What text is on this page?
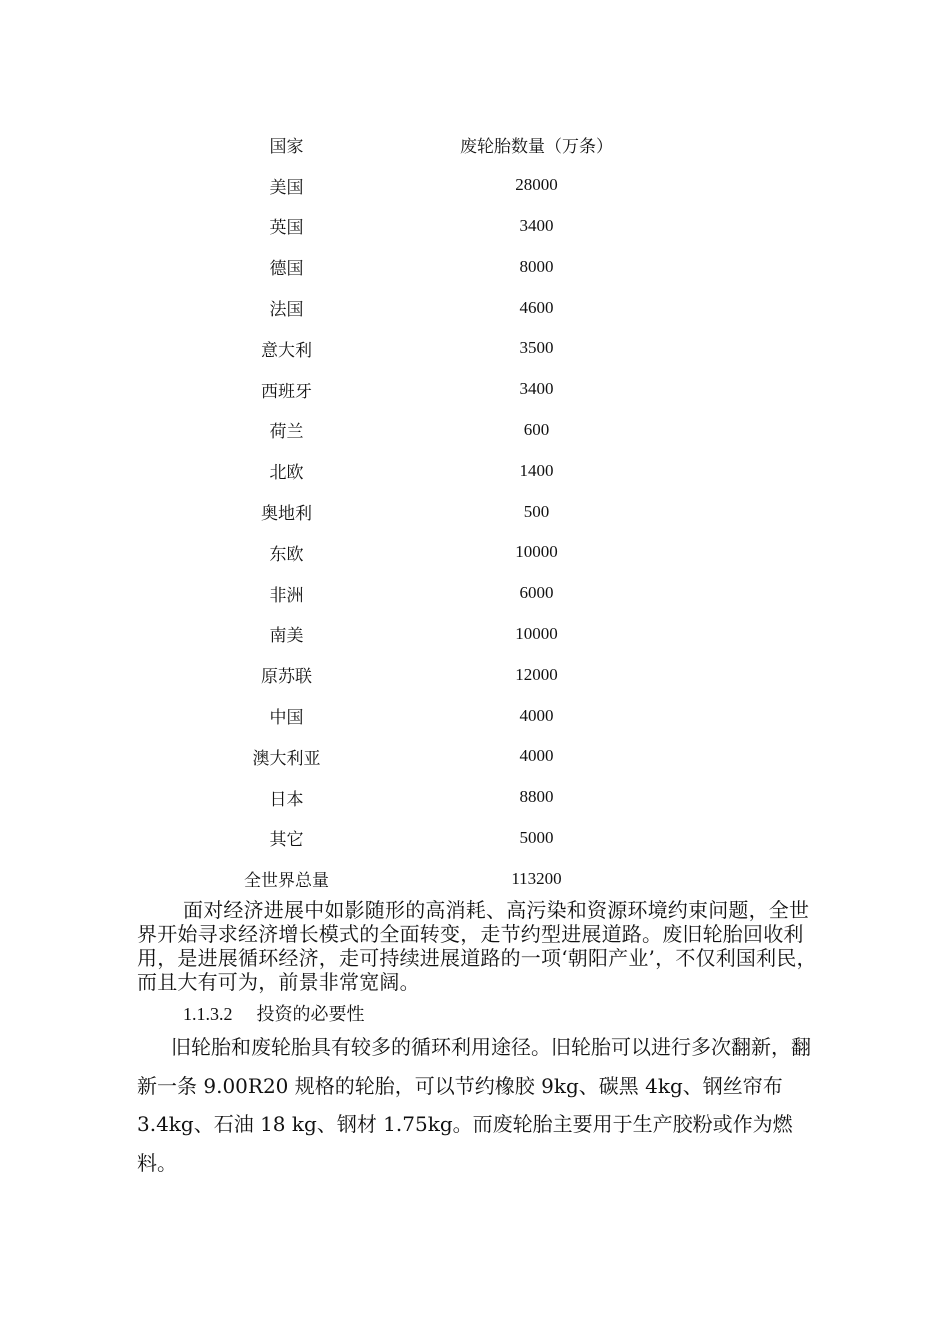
国家	废轮胎数量（万条）
美国	28000
英国	3400
德国	8000
法国	4600
意大利	3500
西班牙	3400
荷兰	600
北欧	1400
奥地利	500
东欧	10000
非洲	6000
南美	10000
原苏联	12000
中国	4000
澳大利亚	4000
日本	8800
其它	5000
全世界总量	113200

面对经济进展中如影随形的高消耗、高污染和资源环境约束问题，全世界开始寻求经济增长模式的全面转变，走节约型进展道路。废旧轮胎回收利用，是进展循环经济，走可持续进展道路的一项‘朝阳产业’，不仅利国利民，而且大有可为，前景非常宽阔。

1.1.3.2 投资的必要性

旧轮胎和废轮胎具有较多的循环利用途径。旧轮胎可以进行多次翻新，翻新一条 9.00R20 规格的轮胎，可以节约橡胶 9kg、碳黑 4kg、钢丝帘布 3.4kg、石油 18 kg、钢材 1.75kg。而废轮胎主要用于生产胶粉或作为燃料。
